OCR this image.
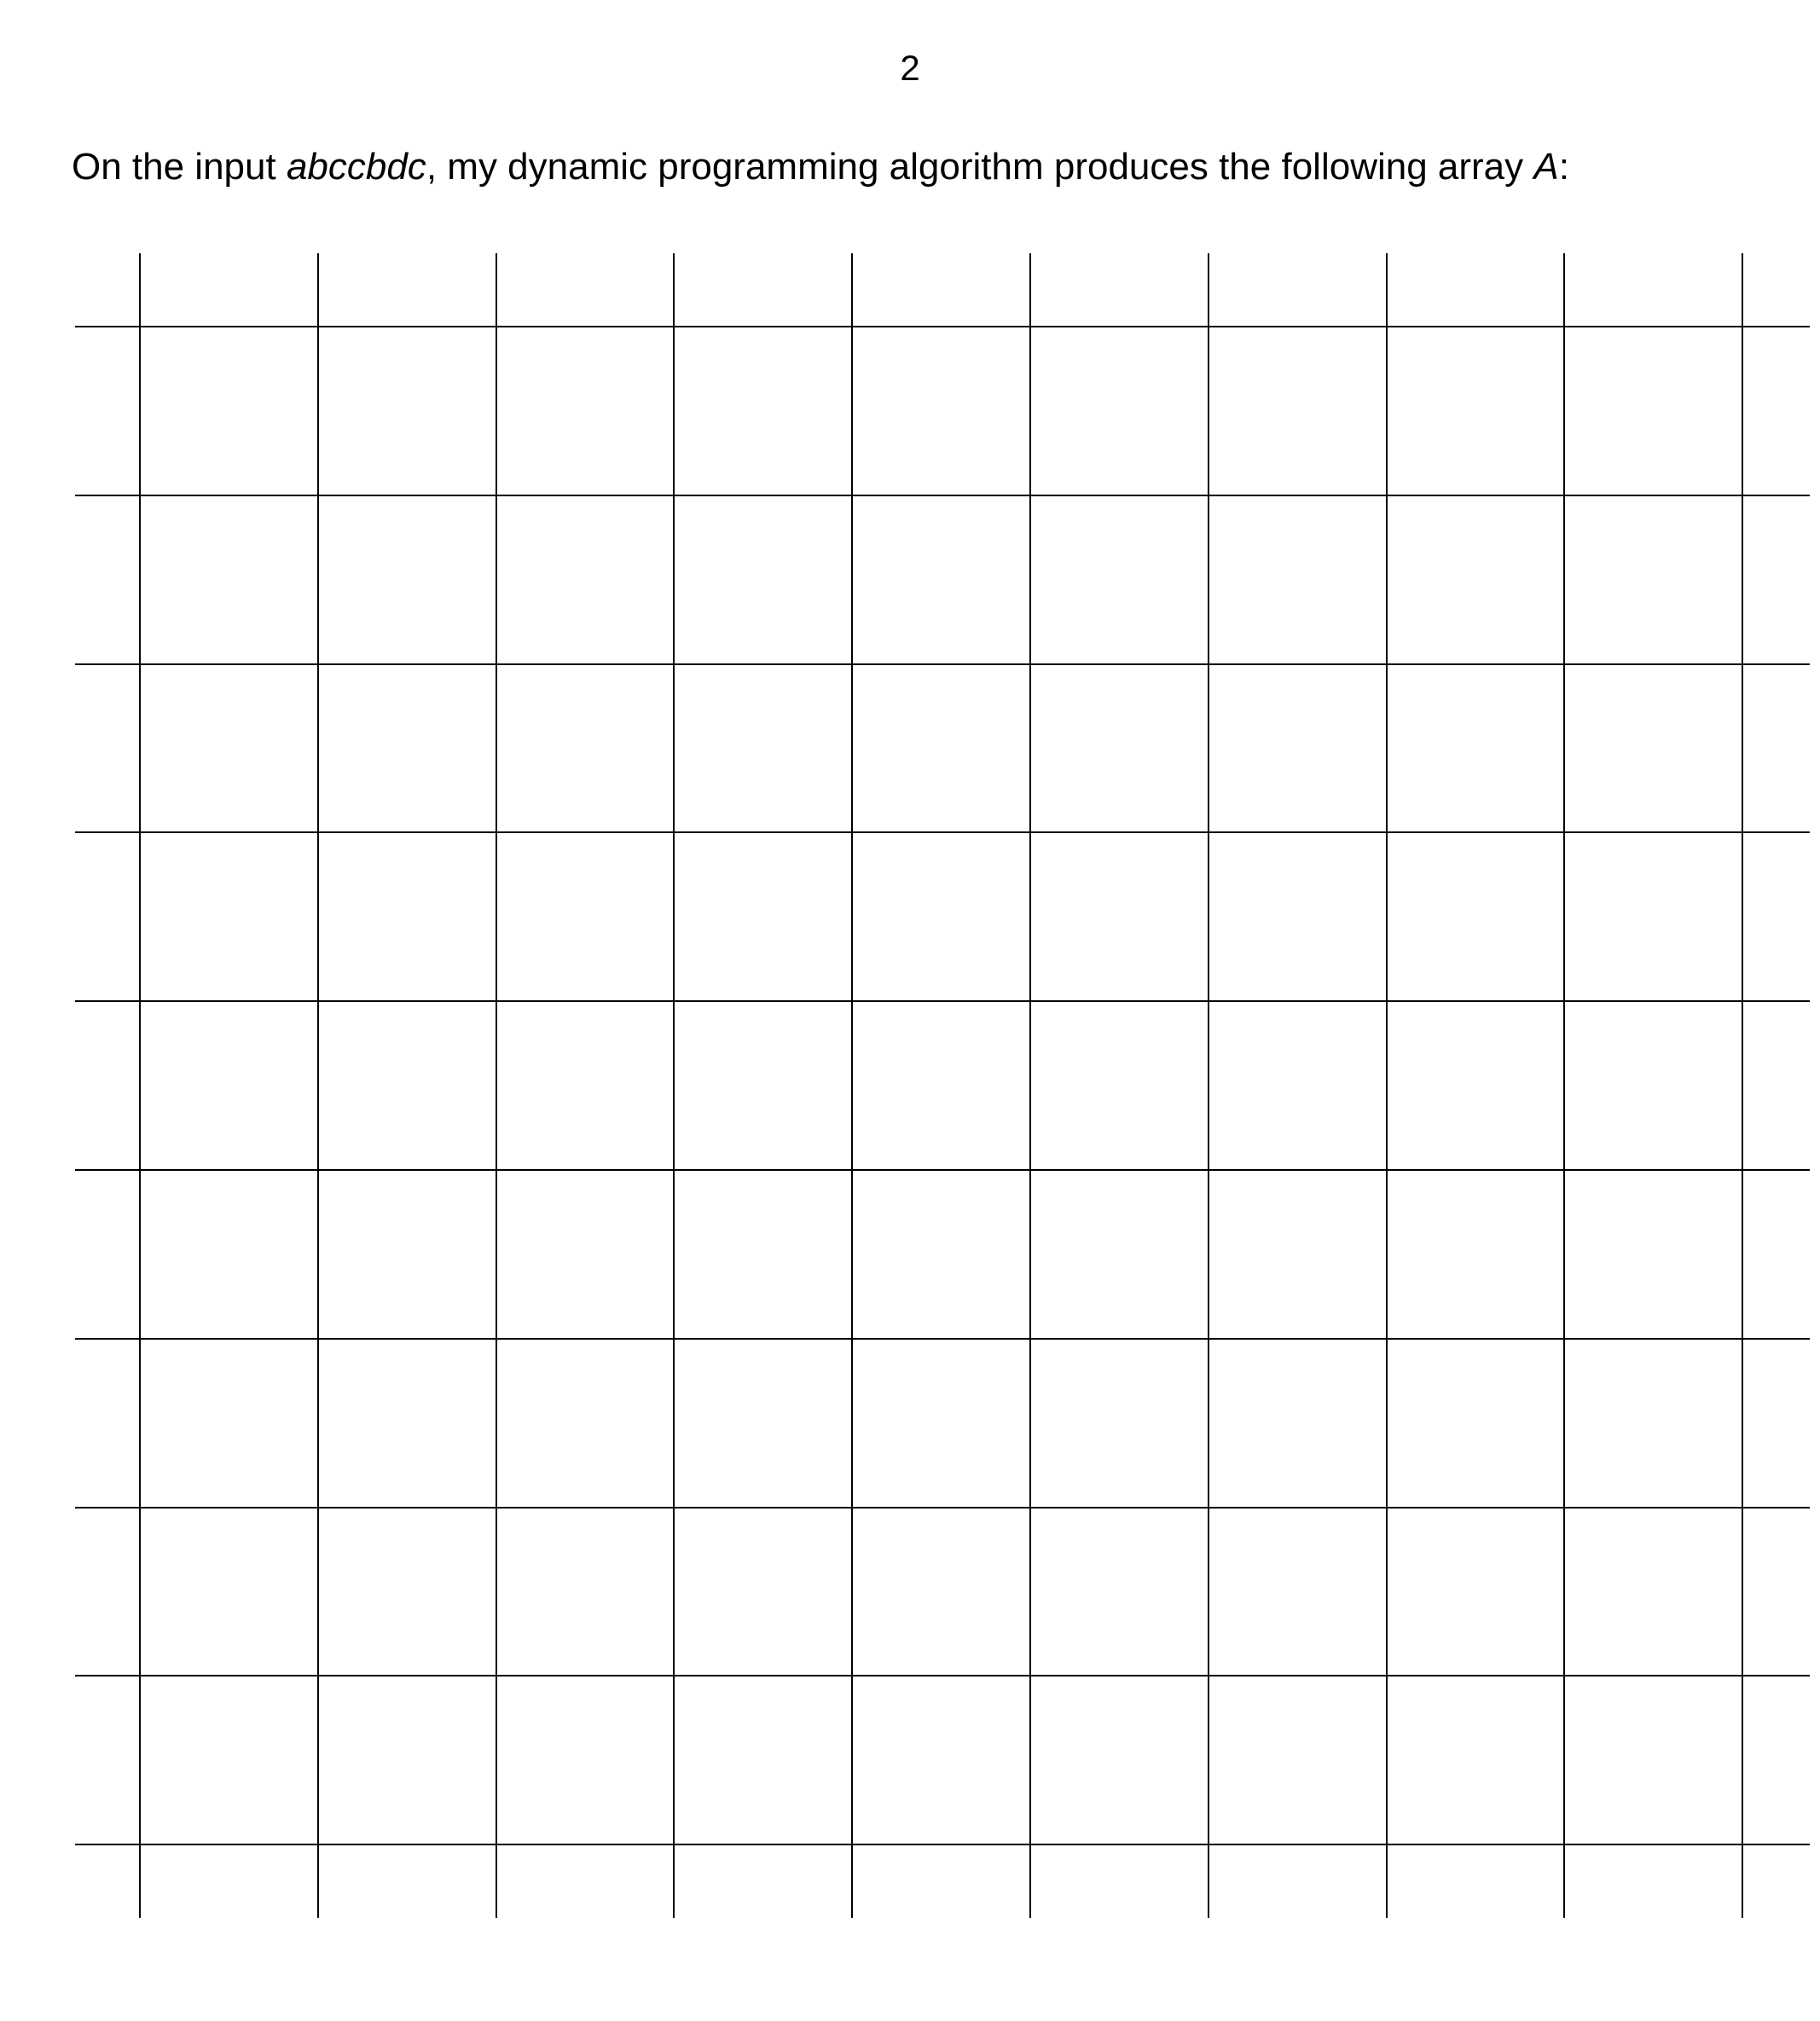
2
On the input abccbdc, my dynamic programming algorithm produces the following array A:
